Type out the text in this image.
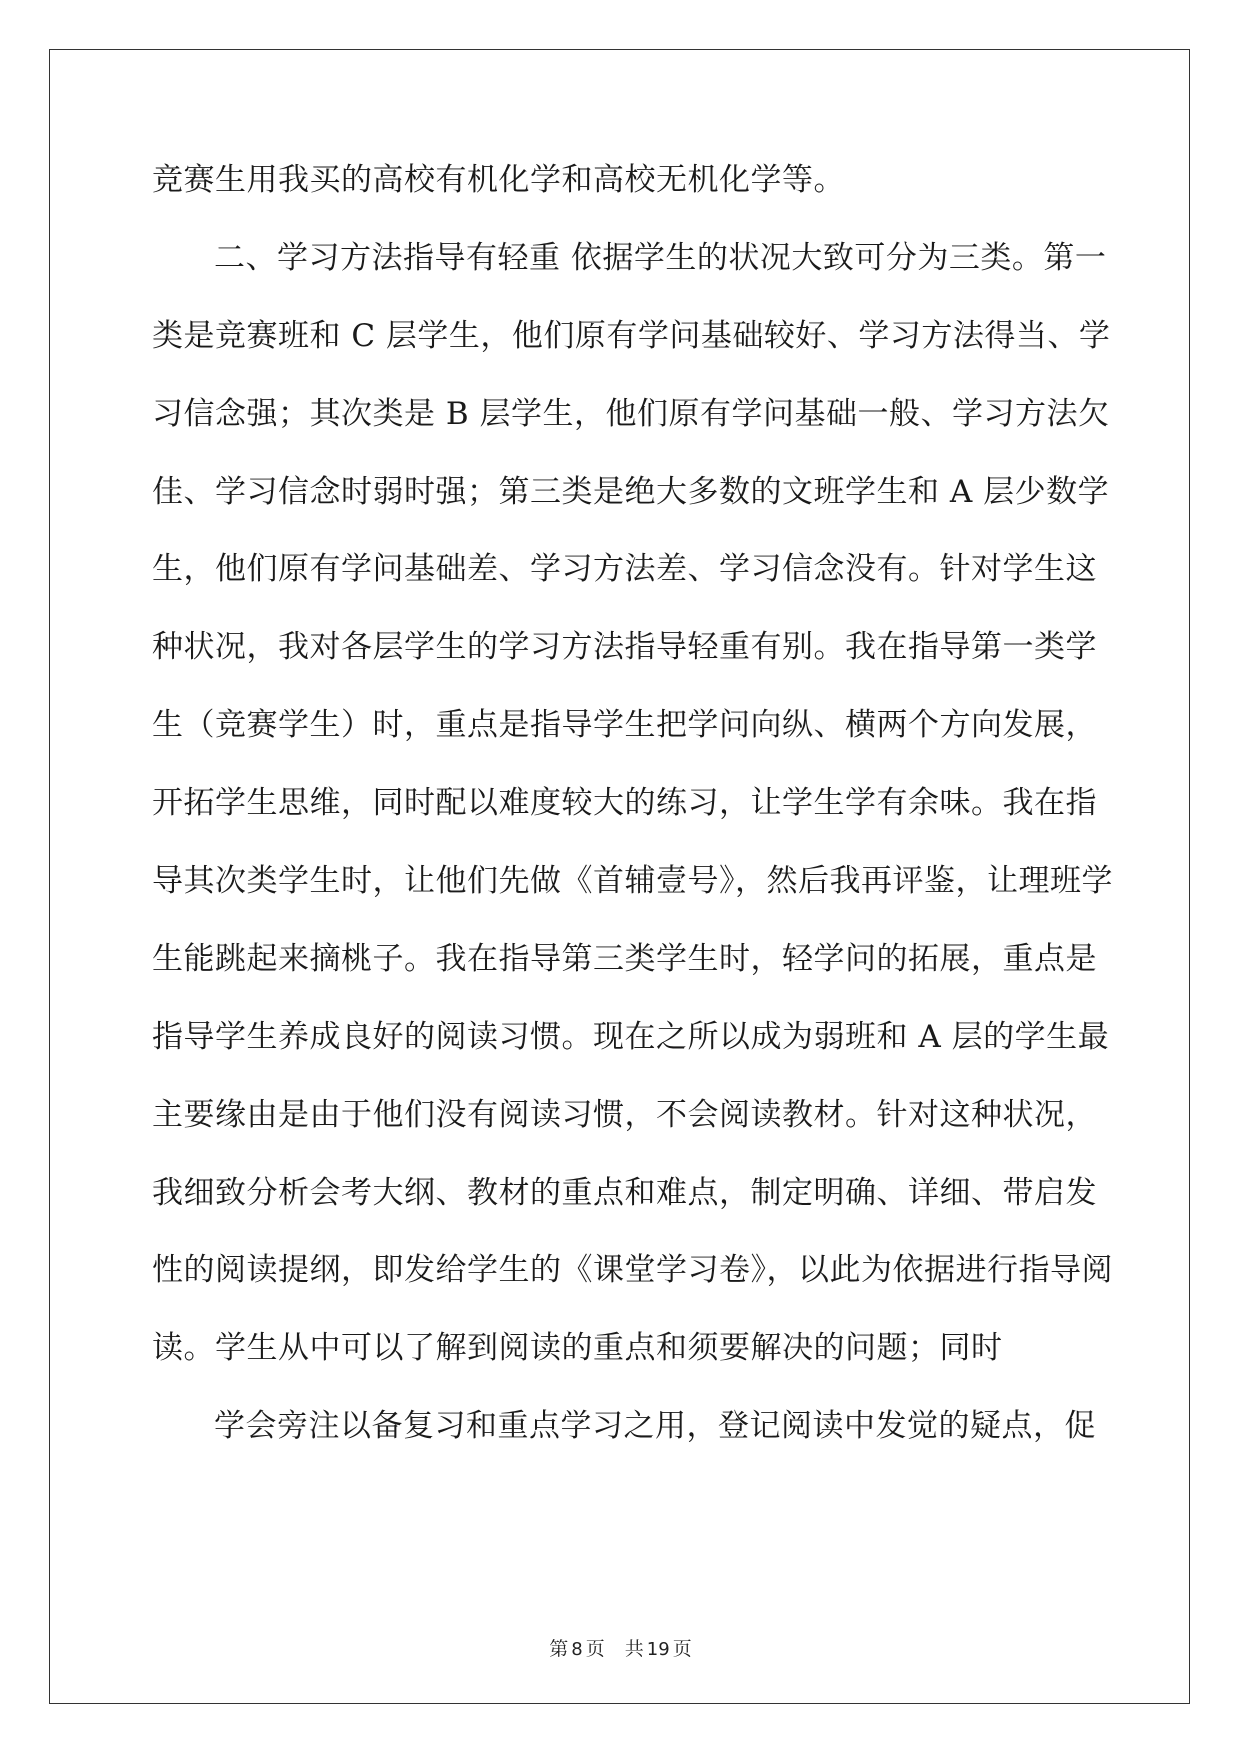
竞赛生用我买的高校有机化学和高校无机化学等。
二、学习方法指导有轻重 依据学生的状况大致可分为三类。第一
类是竞赛班和 C 层学生，他们原有学问基础较好、学习方法得当、学
习信念强；其次类是 B 层学生，他们原有学问基础一般、学习方法欠
佳、学习信念时弱时强；第三类是绝大多数的文班学生和 A 层少数学
生，他们原有学问基础差、学习方法差、学习信念没有。针对学生这
种状况，我对各层学生的学习方法指导轻重有别。我在指导第一类学
生（竞赛学生）时，重点是指导学生把学问向纵、横两个方向发展，
开拓学生思维，同时配以难度较大的练习，让学生学有余味。我在指
导其次类学生时，让他们先做《首辅壹号》，然后我再评鉴，让理班学
生能跳起来摘桃子。我在指导第三类学生时，轻学问的拓展，重点是
指导学生养成良好的阅读习惯。现在之所以成为弱班和 A 层的学生最
主要缘由是由于他们没有阅读习惯，不会阅读教材。针对这种状况，
我细致分析会考大纲、教材的重点和难点，制定明确、详细、带启发
性的阅读提纲，即发给学生的《课堂学习卷》，以此为依据进行指导阅
读。学生从中可以了解到阅读的重点和须要解决的问题；同时
学会旁注以备复习和重点学习之用，登记阅读中发觉的疑点，促
第 8 页 共 19 页
